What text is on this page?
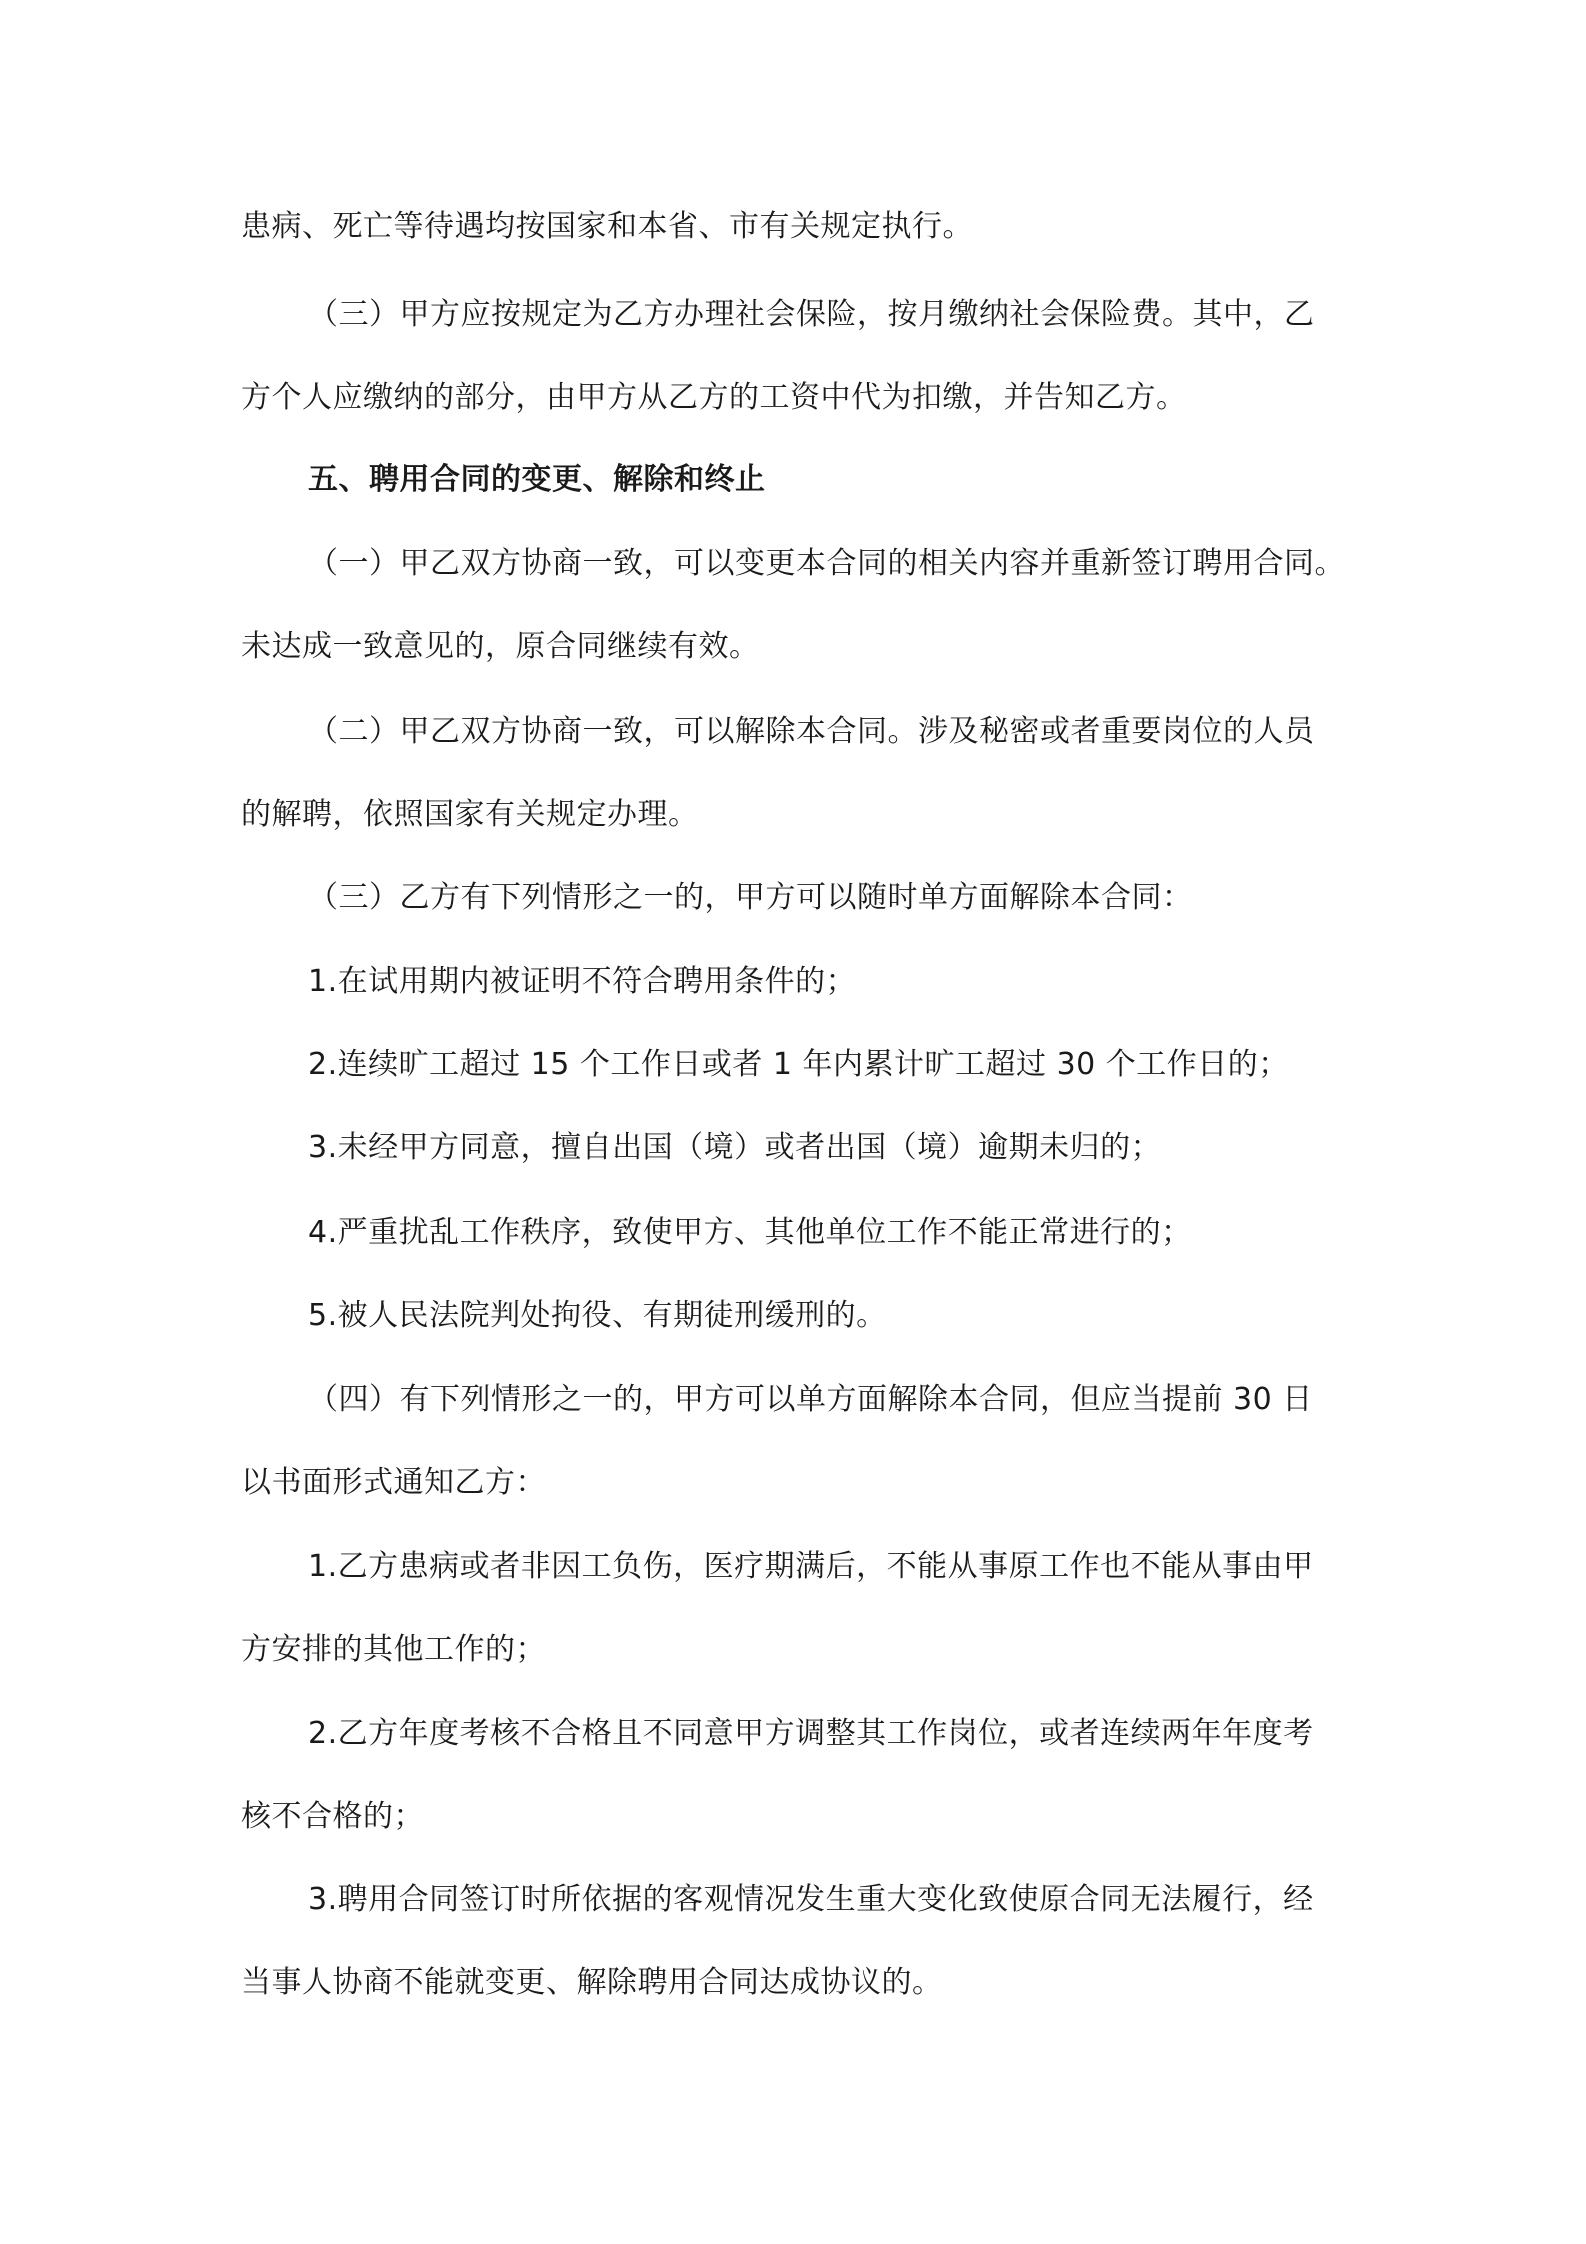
患病、死亡等待遇均按国家和本省、市有关规定执行。
（三）甲方应按规定为乙方办理社会保险，按月缴纳社会保险费。其中，乙
方个人应缴纳的部分，由甲方从乙方的工资中代为扣缴，并告知乙方。
五、聘用合同的变更、解除和终止
（一）甲乙双方协商一致，可以变更本合同的相关内容并重新签订聘用合同。
未达成一致意见的，原合同继续有效。
（二）甲乙双方协商一致，可以解除本合同。涉及秘密或者重要岗位的人员
的解聘，依照国家有关规定办理。
（三）乙方有下列情形之一的，甲方可以随时单方面解除本合同：
1.在试用期内被证明不符合聘用条件的；
2.连续旷工超过 15 个工作日或者 1 年内累计旷工超过 30 个工作日的；
3.未经甲方同意，擅自出国（境）或者出国（境）逾期未归的；
4.严重扰乱工作秩序，致使甲方、其他单位工作不能正常进行的；
5.被人民法院判处拘役、有期徒刑缓刑的。
（四）有下列情形之一的，甲方可以单方面解除本合同，但应当提前 30 日
以书面形式通知乙方：
1.乙方患病或者非因工负伤，医疗期满后，不能从事原工作也不能从事由甲
方安排的其他工作的；
2.乙方年度考核不合格且不同意甲方调整其工作岗位，或者连续两年年度考
核不合格的；
3.聘用合同签订时所依据的客观情况发生重大变化致使原合同无法履行，经
当事人协商不能就变更、解除聘用合同达成协议的。
